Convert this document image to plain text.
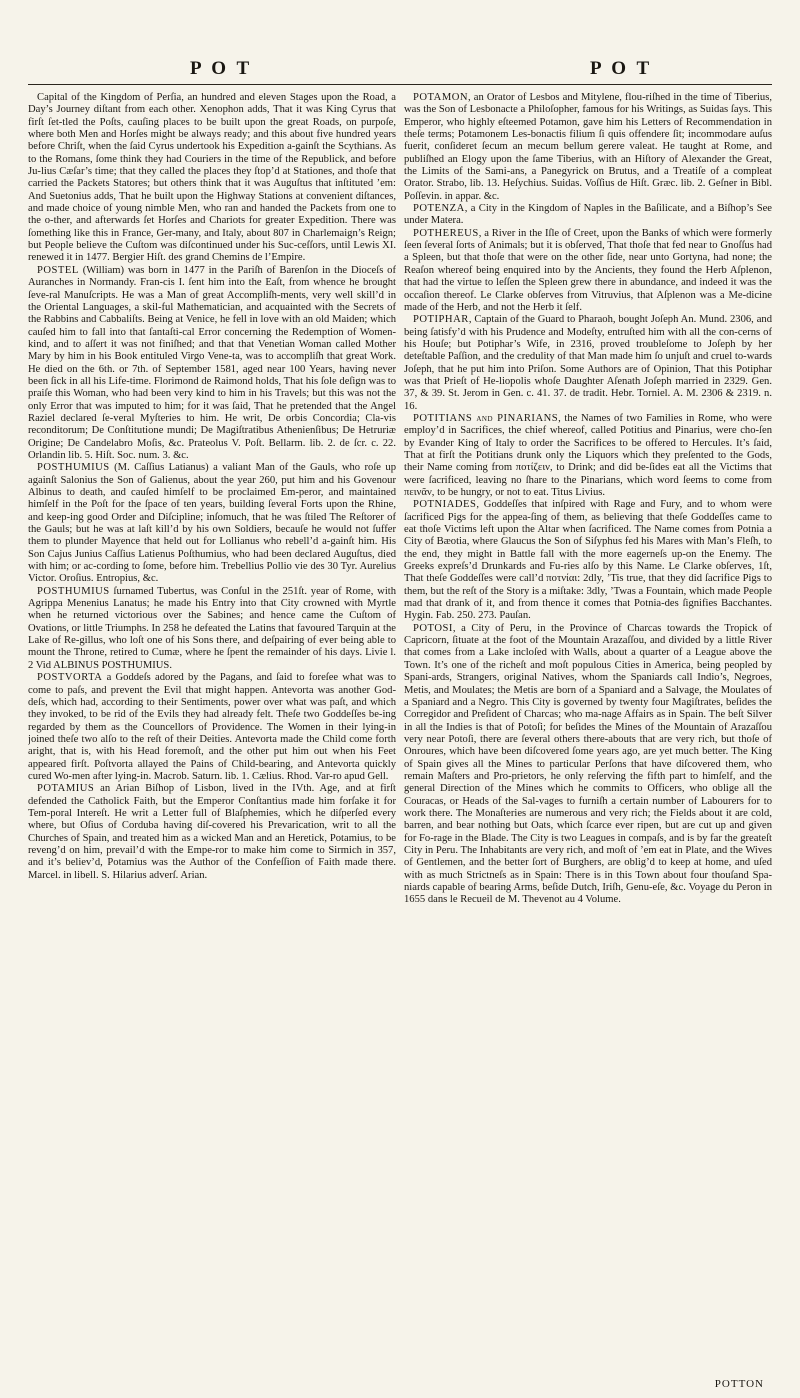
P O T	P O T

Capital of the Kingdom of Perſia, an hundred and eleven Stages upon the Road, a Day’s Journey diſtant from each other. Xenophon adds, That it was King Cyrus that firſt ſet-tled the Poſts, cauſing places to be built upon the great Roads, on purpoſe, where both Men and Horſes might be always ready; and this about five hundred years before Chriſt, when the ſaid Cyrus undertook his Expedition a-gainſt the Scythians. As to the Romans, ſome think they had Couriers in the time of the Republick, and before Ju-lius Cæſar’s time; that they called the places they ſtop’d at Stationes, and thoſe that carried the Packets Statores; but others think that it was Auguſtus that inſtituted ’em: And Suetonius adds, That he built upon the Highway Stations at convenient diſtances, and made choice of young nimble Men, who ran and handed the Packets from one to the o-ther, and afterwards ſet Horſes and Chariots for greater Expedition. There was ſomething like this in France, Ger-many, and Italy, about 807 in Charlemaign’s Reign; but People believe the Cuſtom was diſcontinued under his Suc-ceſſors, until Lewis XI. renewed it in 1477. Bergier Hiſt. des grand Chemins de l’Empire.

POSTEL (William) was born in 1477 in the Pariſh of Barenſon in the Dioceſs of Auranches in Normandy. Fran-cis I. ſent him into the Eaſt, from whence he brought ſeve-ral Manuſcripts. He was a Man of great Accompliſh-ments, very well skill’d in the Oriental Languages, a skil-ful Mathematician, and acquainted with the Secrets of the Rabbins and Cabbaliſts. Being at Venice, he fell in love with an old Maiden; which cauſed him to fall into that ſantaſti-cal Error concerning the Redemption of Women-kind, and to aſſert it was not finiſhed; and that that Venetian Woman called Mother Mary by him in his Book entituled Virgo Vene-ta, was to accompliſh that great Work. He died on the 6th. or 7th. of September 1581, aged near 100 Years, having never been ſick in all his Life-time. Florimond de Raimond holds, That his ſole deſign was to praiſe this Woman, who had been very kind to him in his Travels; but this was not the only Error that was imputed to him; for it was ſaid, That he pretended that the Angel Raziel declared ſe-veral Myſteries to him. He writ, De orbis Concordia; Cla-vis reconditorum; De Conſtitutione mundi; De Magiſtratibus Athenienſibus; De Hetruriæ Origine; De Candelabro Moſis, &c. Prateolus V. Poſt. Bellarm. lib. 2. de ſcr. c. 22. Orlandin lib. 5. Hiſt. Soc. num. 3. &c.

POSTHUMIUS (M. Caſſius Latianus) a valiant Man of the Gauls, who roſe up againſt Salonius the Son of Galienus, about the year 260, put him and his Govenour Albinus to death, and cauſed himſelf to be proclaimed Em-peror, and maintained himſelf in the Poſt for the ſpace of ten years, building ſeveral Forts upon the Rhine, and keep-ing good Order and Diſcipline; inſomuch, that he was ſtiled The Reſtorer of the Gauls; but he was at laſt kill’d by his own Soldiers, becauſe he would not ſuffer them to plunder Mayence that held out for Lollianus who rebell’d a-gainſt him. His Son Cajus Junius Caſſius Latienus Poſthumius, who had been declared Auguſtus, died with him; or ac-cording to ſome, before him. Trebellius Pollio vie des 30 Tyr. Aurelius Victor. Oroſius. Entropius, &c.

POSTHUMIUS ſurnamed Tubertus, was Conſul in the 251ſt. year of Rome, with Agrippa Menenius Lanatus; he made his Entry into that City crowned with Myrtle when he returned victorious over the Sabines; and hence came the Cuſtom of Ovations, or little Triumphs. In 258 he defeated the Latins that favoured Tarquin at the Lake of Re-gillus, who loſt one of his Sons there, and deſpairing of ever being able to mount the Throne, retired to Cumæ, where he ſpent the remainder of his days. Livie l. 2 Vid ALBINUS POSTHUMIUS.

POSTVORTA a Goddeſs adored by the Pagans, and ſaid to foreſee what was to come to paſs, and prevent the Evil that might happen. Antevorta was another God-deſs, which had, according to their Sentiments, power over what was paſt, and which they invoked, to be rid of the Evils they had already felt. Theſe two Goddeſſes be-ing regarded by them as the Councellors of Providence. The Women in their lying-in joined theſe two alſo to the reſt of their Deities. Antevorta made the Child come forth aright, that is, with his Head foremoſt, and the other put him out when his Feet appeared firſt. Poſtvorta allayed the Pains of Child-bearing, and Antevorta quickly cured Wo-men after lying-in. Macrob. Saturn. lib. 1. Cælius. Rhod. Var-ro apud Gell.

POTAMIUS an Arian Biſhop of Lisbon, lived in the IVth. Age, and at firſt defended the Catholick Faith, but the Emperor Conſtantius made him forſake it for Tem-poral Intereſt. He writ a Letter full of Blaſphemies, which he diſperſed every where, but Oſius of Corduba having diſ-covered his Prevarication, writ to all the Churches of Spain, and treated him as a wicked Man and an Heretick, Potamius, to be reveng’d on him, prevail’d with the Empe-ror to make him come to Sirmich in 357, and it’s believ’d, Potamius was the Author of the Confeſſion of Faith made there. Marcel. in libell. S. Hilarius adverſ. Arian.

POTAMON, an Orator of Lesbos and Mitylene, flou-riſhed in the time of Tiberius, was the Son of Lesbonacte a Philoſopher, famous for his Writings, as Suidas ſays. This Emperor, who highly eſteemed Potamon, gave him his Letters of Recommendation in theſe terms; Potamonem Les-bonactis filium ſi quis offendere ſit; incommodare auſus fuerit, conſideret ſecum an mecum bellum gerere valeat. He taught at Rome, and publiſhed an Elogy upon the ſame Tiberius, with an Hiſtory of Alexander the Great, the Limits of the Sami-ans, a Panegyrick on Brutus, and a Treatiſe of a compleat Orator. Strabo, lib. 13. Heſychius. Suidas. Voſſius de Hiſt. Græc. lib. 2. Geſner in Bibl. Poſſevin. in appar. &c.

POTENZA, a City in the Kingdom of Naples in the Baſilicate, and a Biſhop’s See under Matera.

POTHEREUS, a River in the Iſle of Creet, upon the Banks of which were formerly ſeen ſeveral ſorts of Animals; but it is obſerved, That thoſe that fed near to Gnoſſus had a Spleen, but that thoſe that were on the other ſide, near unto Gortyna, had none; the Reaſon whereof being enquired into by the Ancients, they found the Herb Aſplenon, that had the virtue to leſſen the Spleen grew there in abundance, and indeed it was the occaſion thereof. Le Clarke obſerves from Vitruvius, that Aſplenon was a Me-dicine made of the Herb, and not the Herb it ſelf.

POTIPHAR, Captain of the Guard to Pharaoh, bought Joſeph An. Mund. 2306, and being ſatisfy’d with his Prudence and Modeſty, entruſted him with all the con-cerns of his Houſe; but Potiphar’s Wife, in 2316, proved troubleſome to Joſeph by her deteſtable Paſſion, and the credulity of that Man made him ſo unjuſt and cruel to-wards Joſeph, that he put him into Priſon. Some Authors are of Opinion, That this Potiphar was that Prieſt of He-liopolis whoſe Daughter Aſenath Joſeph married in 2329. Gen. 37, & 39. St. Jerom in Gen. c. 41. 37. de tradit. Hebr. Torniel. A. M. 2306 & 2319. n. 16.

POTITIANS and PINARIANS, the Names of two Families in Rome, who were employ’d in Sacrifices, the chief whereof, called Potitius and Pinarius, were cho-ſen by Evander King of Italy to order the Sacrifices to be offered to Hercules. It’s ſaid, That at firſt the Potitians drunk only the Liquors which they preſented to the Gods, their Name coming from ποτίζειν, to Drink; and did be-ſides eat all the Victims that were ſacrificed, leaving no ſhare to the Pinarians, which word ſeems to come from πεινᾶν, to be hungry, or not to eat. Titus Livius.

POTNIADES, Goddeſſes that inſpired with Rage and Fury, and to whom were ſacrificed Pigs for the appea-ſing of them, as believing that theſe Goddeſſes came to eat thoſe Victims left upon the Altar when ſacrificed. The Name comes from Potnia a City of Bæotia, where Glaucus the Son of Siſyphus fed his Mares with Man’s Fleſh, to the end, they might in Battle fall with the more eagerneſs up-on the Enemy. The Greeks expreſs’d Drunkards and Fu-ries alſo by this Name. Le Clarke obſerves, 1ſt, That theſe Goddeſſes were call’d ποτνίαι: 2dly, ’Tis true, that they did ſacrifice Pigs to them, but the reſt of the Story is a miſtake: 3dly, ’Twas a Fountain, which made People mad that drank of it, and from thence it comes that Potnia-des ſignifies Bacchantes. Hygin. Fab. 250. 273. Pauſan.

POTOSI, a City of Peru, in the Province of Charcas towards the Tropick of Capricorn, ſituate at the foot of the Mountain Arazaſſou, and divided by a little River that comes from a Lake incloſed with Walls, about a quarter of a League above the Town. It’s one of the richeſt and moſt populous Cities in America, being peopled by Spani-ards, Strangers, original Natives, whom the Spaniards call Indio’s, Negroes, Metis, and Moulates; the Metis are born of a Spaniard and a Salvage, the Moulates of a Spaniard and a Negro. This City is governed by twenty four Magiſtrates, beſides the Corregidor and Preſident of Charcas; who ma-nage Affairs as in Spain. The beſt Silver in all the Indies is that of Potoſi; for beſides the Mines of the Mountain of Arazaſſou very near Potoſi, there are ſeveral others there-abouts that are very rich, but thoſe of Onroures, which have been diſcovered ſome years ago, are yet much better. The King of Spain gives all the Mines to particular Perſons that have diſcovered them, who remain Maſters and Pro-prietors, he only reſerving the fifth part to himſelf, and the general Direction of the Mines which he commits to Officers, who oblige all the Couracas, or Heads of the Sal-vages to furniſh a certain number of Labourers for to work there. The Monaſteries are numerous and very rich; the Fields about it are cold, barren, and bear nothing but Oats, which ſcarce ever ripen, but are cut up and given for Fo-rage in the Blade. The City is two Leagues in compaſs, and is by far the greateſt City in Peru. The Inhabitants are very rich, and moſt of ’em eat in Plate, and the Wives of Gentlemen, and the better ſort of Burghers, are oblig’d to keep at home, and uſed with as much Strictneſs as in Spain: There is in this Town about four thouſand Spa-niards capable of bearing Arms, beſide Dutch, Iriſh, Genu-eſe, &c. Voyage du Peron in 1655 dans le Recueil de M. Thevenot au 4 Volume.

POTTON
